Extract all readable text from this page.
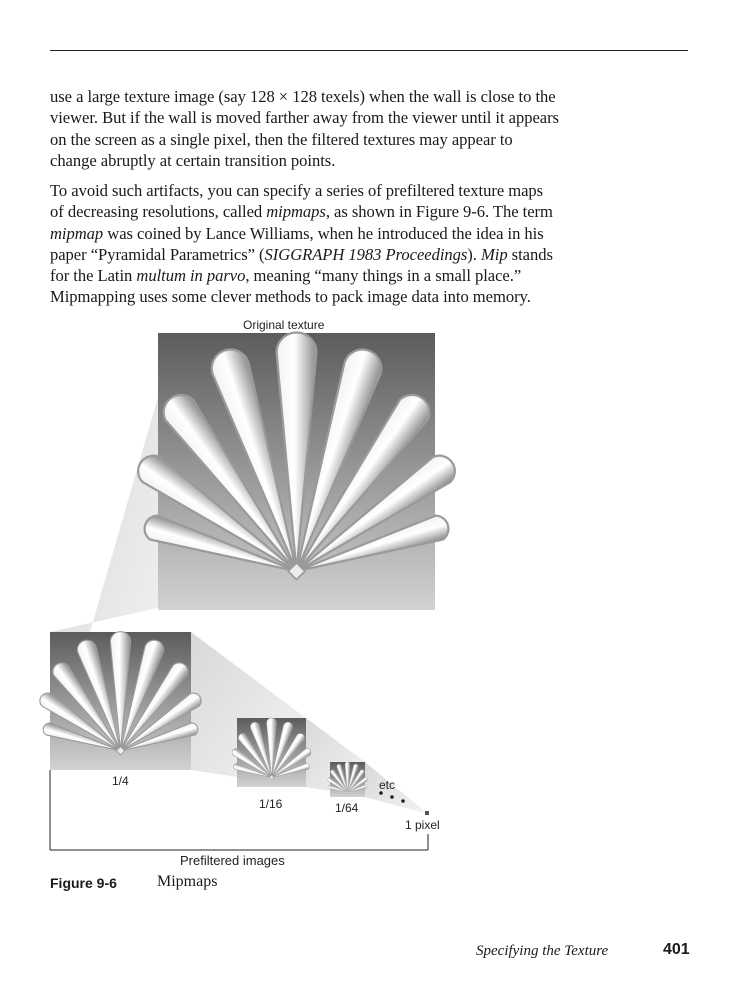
use a large texture image (say 128 × 128 texels) when the wall is close to the
viewer. But if the wall is moved farther away from the viewer until it appears
on the screen as a single pixel, then the filtered textures may appear to
change abruptly at certain transition points.

To avoid such artifacts, you can specify a series of prefiltered texture maps
of decreasing resolutions, called mipmaps, as shown in Figure 9-6. The term
mipmap was coined by Lance Williams, when he introduced the idea in his
paper “Pyramidal Parametrics” (SIGGRAPH 1983 Proceedings). Mip stands
for the Latin multum in parvo, meaning “many things in a small place.”
Mipmapping uses some clever methods to pack image data into memory.

Original texture
1/4
1/16	1/64
etc
1 pixel
Prefiltered images
Figure 9-6	Mipmaps
Specifying the Texture	401
